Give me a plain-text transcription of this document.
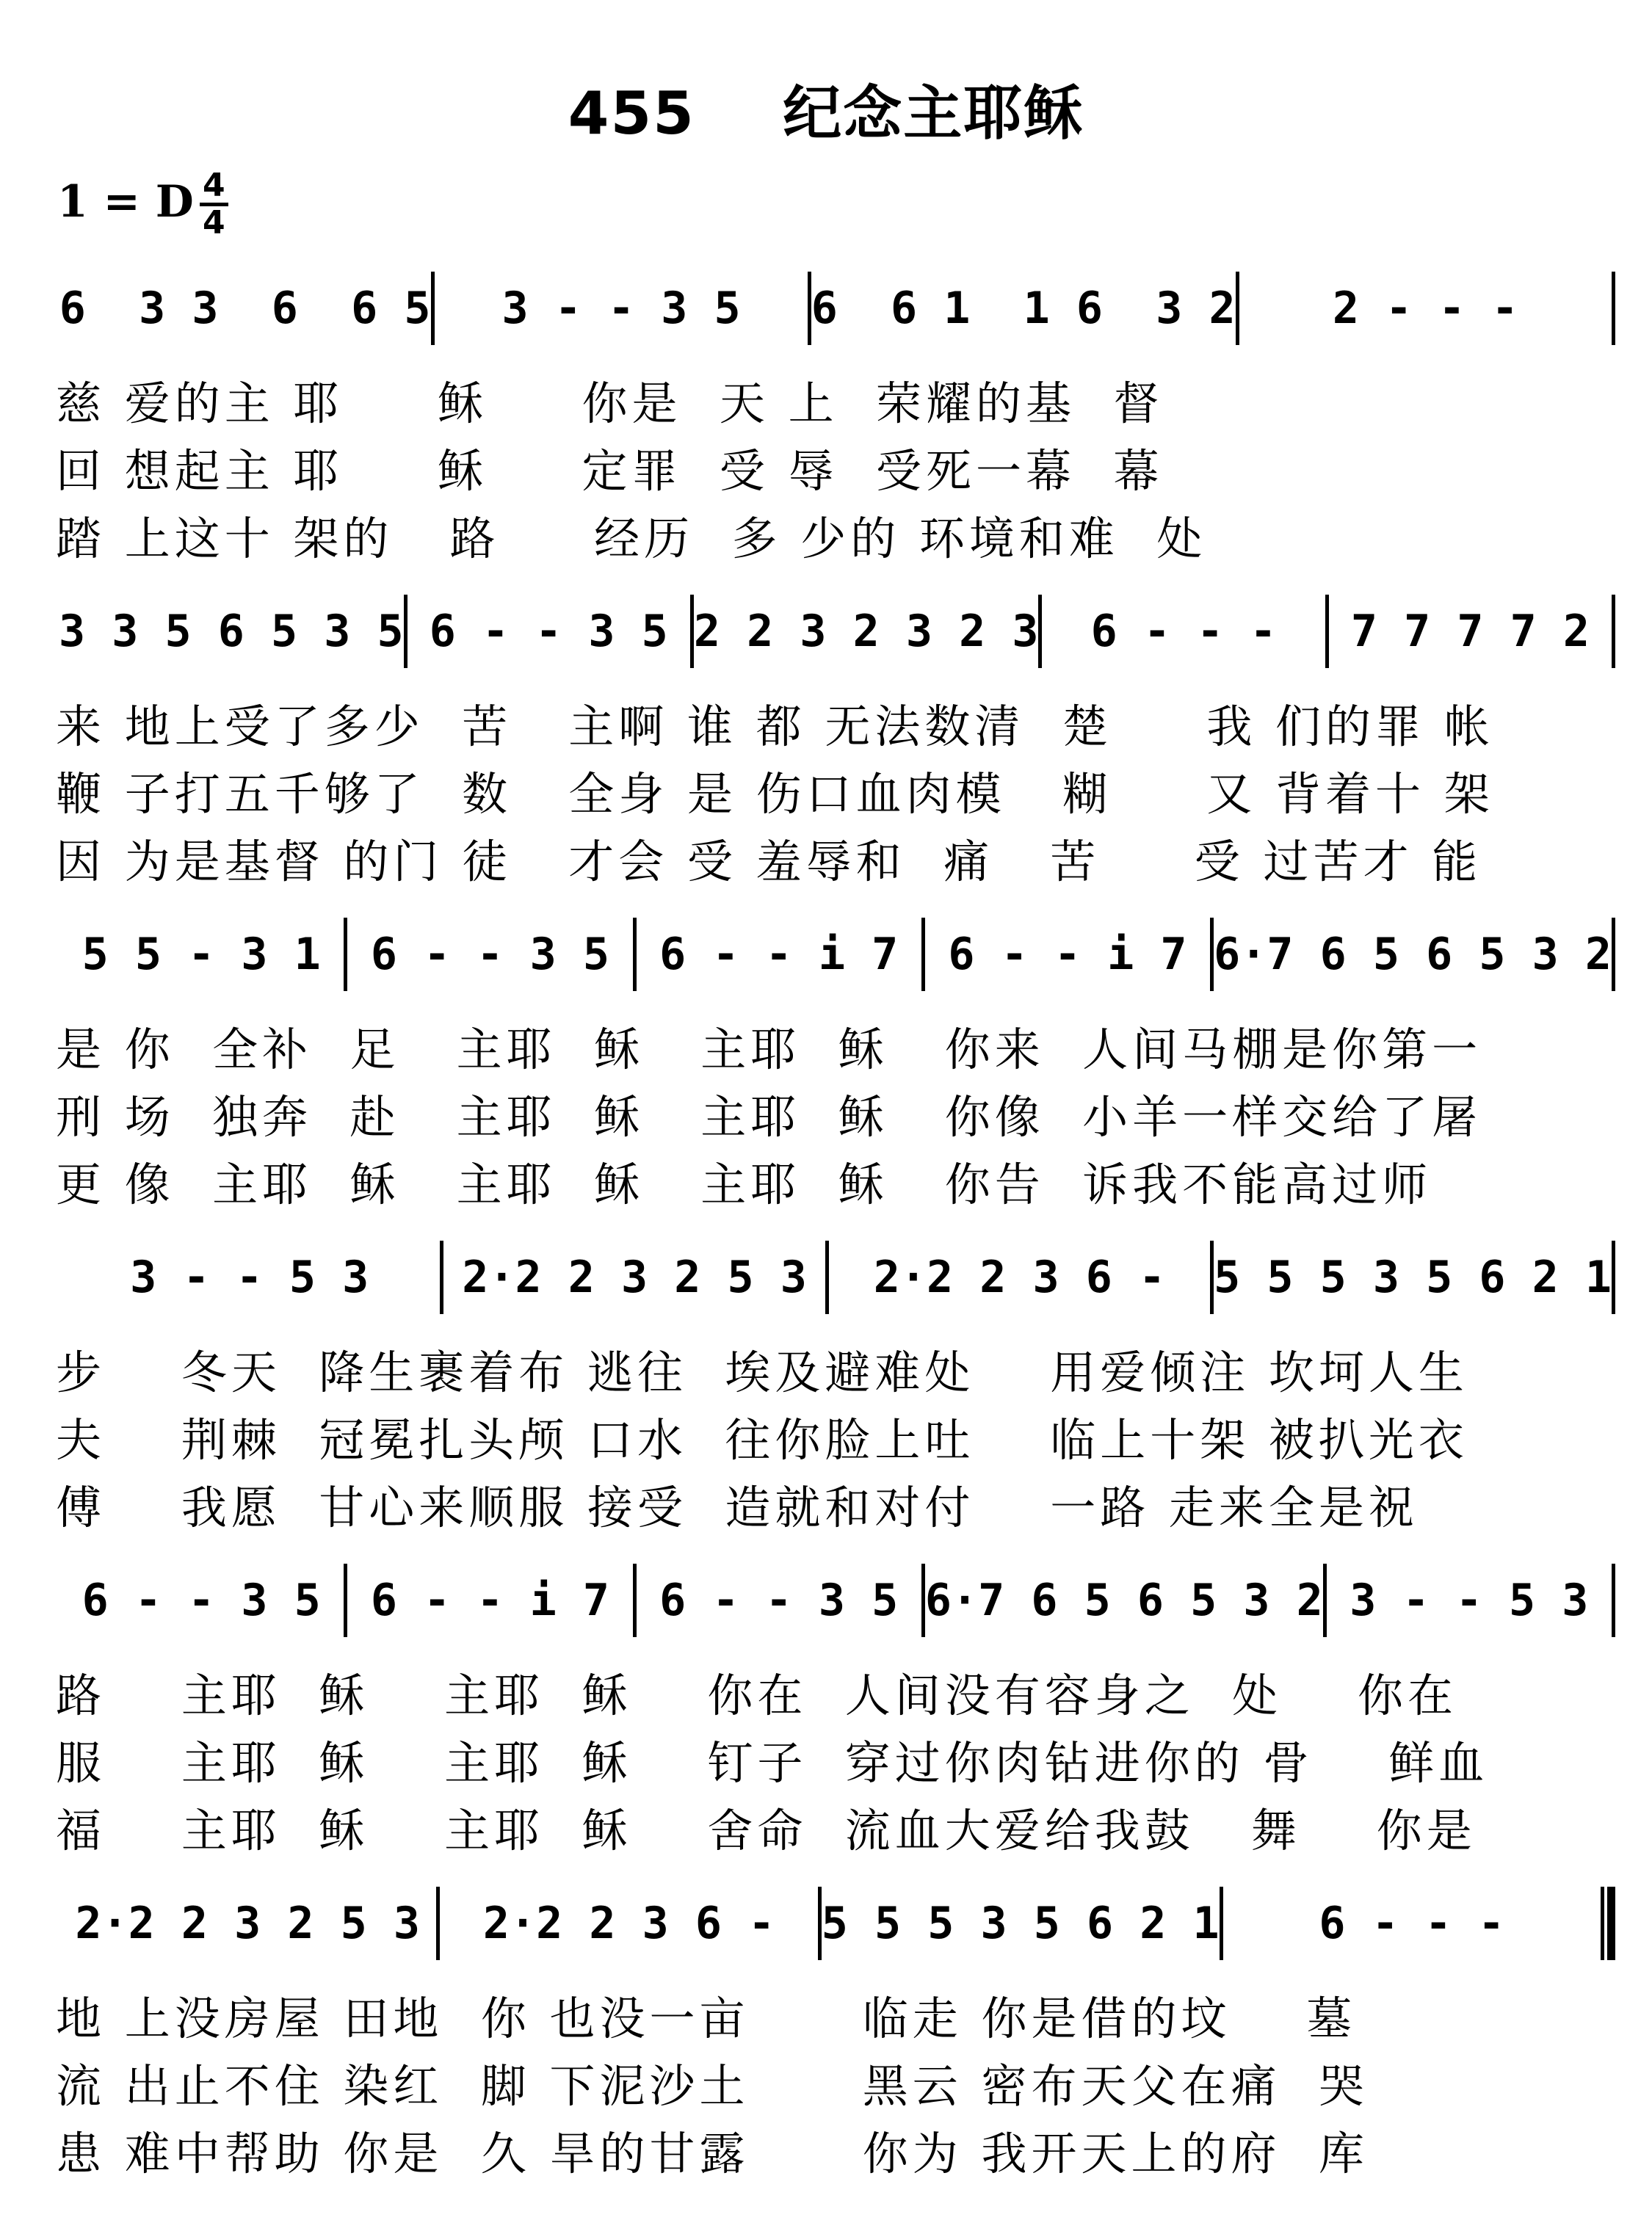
455    纪念主耶稣
1 = D 4
4
6  3 3  6  6 5	3 - - 3 5	6  6 1  1 6  3 2	2 - - -
慈 爱的主 耶     稣     你是  天 上  荣耀的基  督
回 想起主 耶     稣     定罪  受 辱  受死一幕  幕
踏 上这十 架的   路     经历  多 少的 环境和难  处
3 3 5 6 5 3 5 6 - - 3 5 2 2 3 2 3 2 3	6 - - -	7 7 7 7 2
来 地上受了多少  苦   主啊 谁 都 无法数清  楚     我 们的罪 帐
鞭 子打五千够了  数   全身 是 伤口血肉模   糊     又 背着十 架
因 为是基督 的门 徒   才会 受 羞辱和  痛   苦     受 过苦才 能
5 5 - 3 1	6 - - 3 5	6 - - i 7	6 - - i 7 6·7 6 5 6 5 3 2
是 你  全补  足   主耶  稣   主耶  稣   你来  人间马棚是你第一
刑 场  独奔  赴   主耶  稣   主耶  稣   你像  小羊一样交给了屠
更 像  主耶  稣   主耶  稣   主耶  稣   你告  诉我不能高过师
3 - - 5 3	2·2 2 3 2 5 3	2·2 2 3 6 -	5 5 5 3 5 6 2 1
步    冬天  降生裹着布 逃往  埃及避难处    用爱倾注 坎坷人生
夫    荆棘  冠冕扎头颅 口水  往你脸上吐    临上十架 被扒光衣
傅    我愿  甘心来顺服 接受  造就和对付    一路 走来全是祝
6 - - 3 5	6 - - i 7	6 - - 3 5 6·7 6 5 6 5 3 2 3 - - 5 3
路    主耶  稣    主耶  稣    你在  人间没有容身之  处    你在
服    主耶  稣    主耶  稣    钉子  穿过你肉钻进你的 骨    鲜血
福    主耶  稣    主耶  稣    舍命  流血大爱给我鼓   舞    你是
2·2 2 3 2 5 3	2·2 2 3 6 -	5 5 5 3 5 6 2 1	6 - - -
地 上没房屋 田地  你 也没一亩      临走 你是借的坟    墓
流 出止不住 染红  脚 下泥沙土      黑云 密布天父在痛  哭
患 难中帮助 你是  久 旱的甘露      你为 我开天上的府  库
